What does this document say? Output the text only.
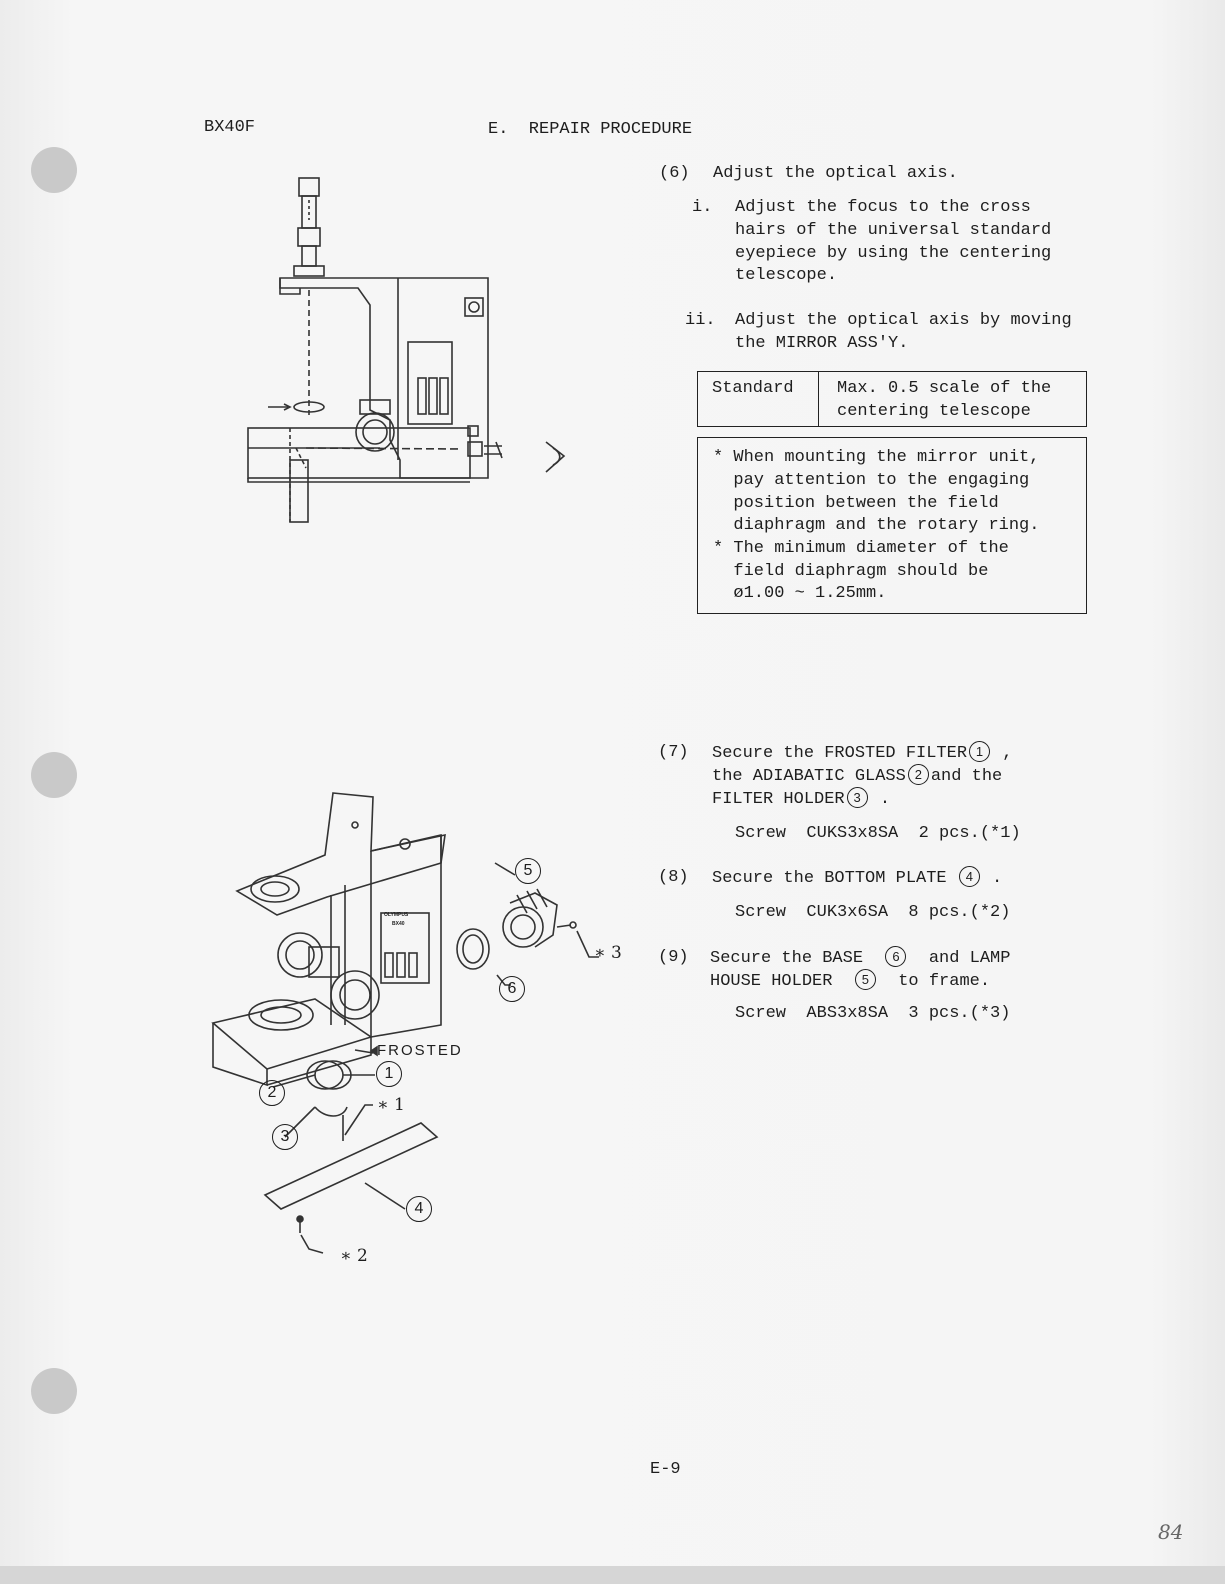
BX40F	E.  REPAIR PROCEDURE
(6) Adjust the optical axis.
i. Adjust the focus to the cross
hairs of the universal standard
eyepiece by using the centering
telescope.
ii. Adjust the optical axis by moving
the MIRROR ASS'Y.
Standard	Max. 0.5 scale of the
centering telescope
* When mounting the mirror unit,
pay attention to the engaging
position between the field
diaphragm and the rotary ring.
* The minimum diameter of the
field diaphragm should be
ø1.00 ~ 1.25mm.
(7) Secure the FROSTED FILTER 1 ,
the ADIABATIC GLASS 2 and the
FILTER HOLDER 3 .
Screw  CUKS3x8SA  2 pcs.(*1)
(8) Secure the BOTTOM PLATE 4 .
Screw  CUK3x6SA  8 pcs.(*2)
(9) Secure the BASE 6 and LAMP
HOUSE HOLDER 5 to frame.
Screw  ABS3x8SA  3 pcs.(*3)
5
6
1
2
3
4
FROSTED
OLYMPUS
BX40
∗ 3
∗ 1
∗ 2
E-9
84
